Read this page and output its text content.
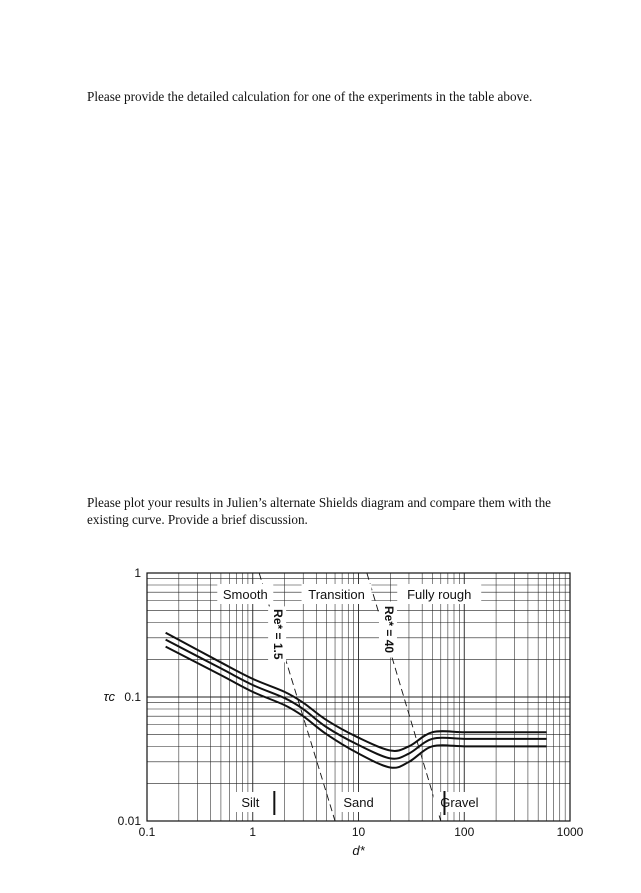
Please provide the detailed calculation for one of the experiments in the table above.
Please plot your results in Julien’s alternate Shields diagram and compare them with the
existing curve. Provide a brief discussion.
Re* = 1.5	Re* = 40
Smooth	Transition	Fully rough
Silt	Sand	Gravel
0.1	1	10	100	1000
0.01
0.1
1
d*
τc
